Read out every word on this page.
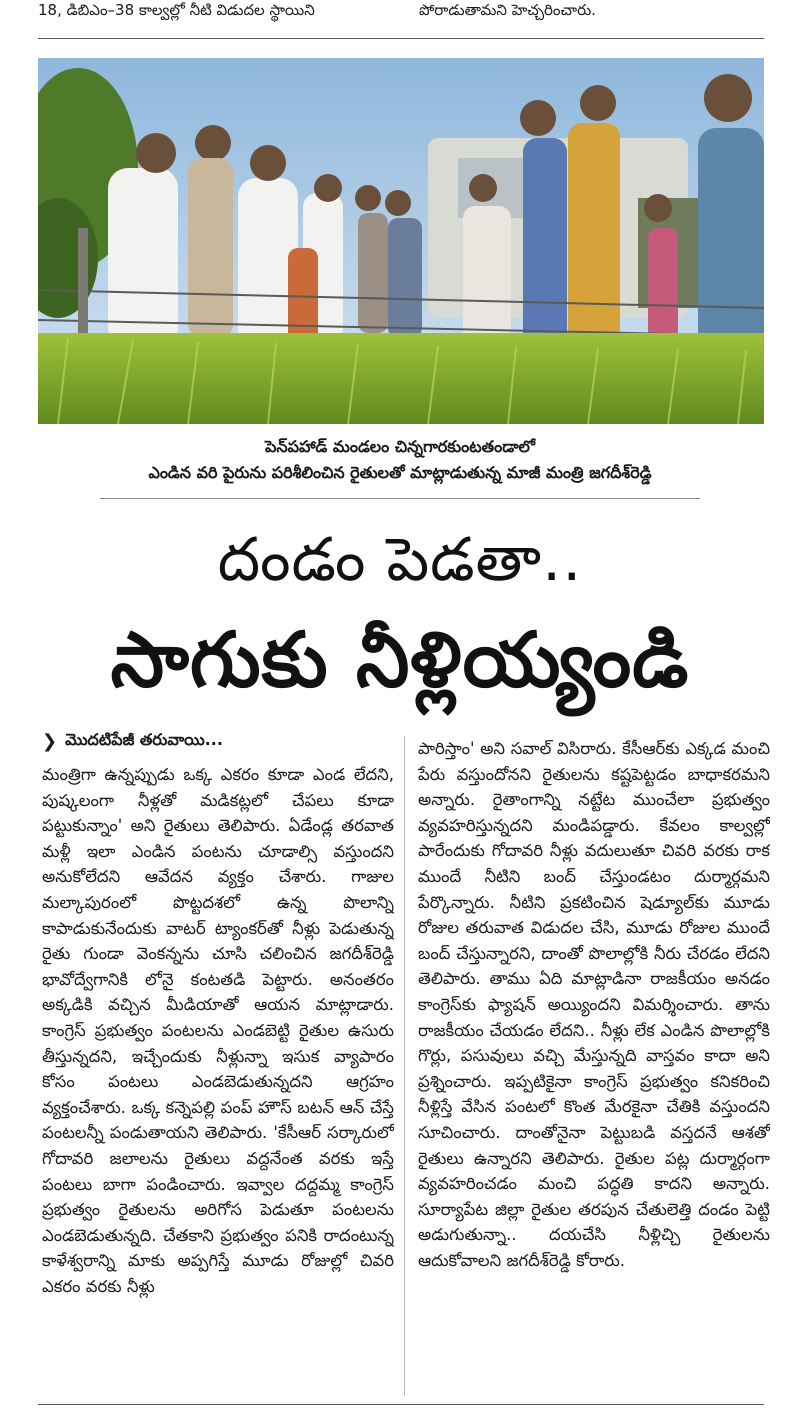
18, డిబిఎం–38 కాల్వల్లో నీటి విడుదల స్థాయిని	పోరాడుతామని హెచ్చరించారు.
పెన్‌పహాడ్ మండలం చిన్నగారకుంటతండాలో
ఎండిన వరి పైరును పరిశీలించిన రైతులతో మాట్లాడుతున్న మాజీ మంత్రి జగదీశ్‌రెడ్డి
దండం పెడతా..
సాగుకు నీళ్లియ్యండి
❯ మొదటిపేజీ తరువాయి...
మంత్రిగా ఉన్నప్పుడు ఒక్క ఎకరం కూడా ఎండ లేదని, పుష్కలంగా నీళ్లతో మడికట్లలో చేపలు కూడా పట్టుకున్నాం' అని రైతులు తెలిపారు. ఏడేండ్ల తరవాత మళ్లీ ఇలా ఎండిన పంటను చూడాల్సి వస్తుందని అనుకోలేదని ఆవేదన వ్యక్తం చేశారు. గాజుల మల్కాపురంలో పొట్టదశలో ఉన్న పొలాన్ని కాపాడుకునేందుకు వాటర్ ట్యాంకర్‌తో నీళ్లు పెడుతున్న రైతు గుండా వెంకన్నను చూసి చలించిన జగదీశ్‌రెడ్డి భావోద్వేగానికి లోనై కంటతడి పెట్టారు. అనంతరం అక్కడికి వచ్చిన మీడియాతో ఆయన మాట్లాడారు. కాంగ్రెస్ ప్రభుత్వం పంటలను ఎండబెట్టి రైతుల ఉసురు తీస్తున్నదని, ఇచ్చేందుకు నీళ్లున్నా ఇసుక వ్యాపారం కోసం పంటలు ఎండబెడుతున్నదని ఆగ్రహం వ్యక్తంచేశారు. ఒక్క కన్నెపల్లి పంప్ హౌస్ బటన్ ఆన్ చేస్తే పంటలన్నీ పండుతాయని తెలిపారు. 'కేసీఆర్ సర్కారులో గోదావరి జలాలను రైతులు వద్దనేంత వరకు ఇస్తే పంటలు బాగా పండించారు. ఇవ్వాల దద్దమ్మ కాంగ్రెస్ ప్రభుత్వం రైతులను అరిగోస పెడుతూ పంటలను ఎండబెడుతున్నది. చేతకాని ప్రభుత్వం పనికి రాదంటున్న కాళేశ్వరాన్ని మాకు అప్పగిస్తే మూడు రోజుల్లో చివరి ఎకరం వరకు నీళ్లు
పారిస్తాం' అని సవాల్ విసిరారు. కేసీఆర్‌కు ఎక్కడ మంచి పేరు వస్తుందోనని రైతులను కష్టపెట్టడం బాధాకరమని అన్నారు. రైతాంగాన్ని నట్టేట ముంచేలా ప్రభుత్వం వ్యవహరిస్తున్నదని మండిపడ్డారు. కేవలం కాల్వల్లో పారేందుకు గోదావరి నీళ్లు వదులుతూ చివరి వరకు రాక ముందే నీటిని బంద్ చేస్తుండటం దుర్మార్గమని పేర్కొన్నారు. నీటిని ప్రకటించిన షెడ్యూల్‌కు మూడు రోజుల తరువాత విడుదల చేసి, మూడు రోజుల ముందే బంద్ చేస్తున్నారని, దాంతో పొలాల్లోకి నీరు చేరడం లేదని తెలిపారు. తాము ఏది మాట్లాడినా రాజకీయం అనడం కాంగ్రెస్‌కు ఫ్యాషన్ అయ్యిందని విమర్శించారు. తాను రాజకీయం చేయడం లేదని.. నీళ్లు లేక ఎండిన పొలాల్లోకి గొర్లు, పసువులు వచ్చి మేస్తున్నది వాస్తవం కాదా అని ప్రశ్నించారు. ఇప్పటికైనా కాంగ్రెస్ ప్రభుత్వం కనికరించి నీళ్లిస్తే వేసిన పంటలో కొంత మేరకైనా చేతికి వస్తుందని సూచించారు. దాంతోనైనా పెట్టుబడి వస్తదనే ఆశతో రైతులు ఉన్నారని తెలిపారు. రైతుల పట్ల దుర్మార్గంగా వ్యవహరించడం మంచి పద్ధతి కాదని అన్నారు. సూర్యాపేట జిల్లా రైతుల తరపున చేతులెత్తి దండం పెట్టి అడుగుతున్నా.. దయచేసి నీళ్లిచ్చి రైతులను ఆదుకోవాలని జగదీశ్‌రెడ్డి కోరారు.
